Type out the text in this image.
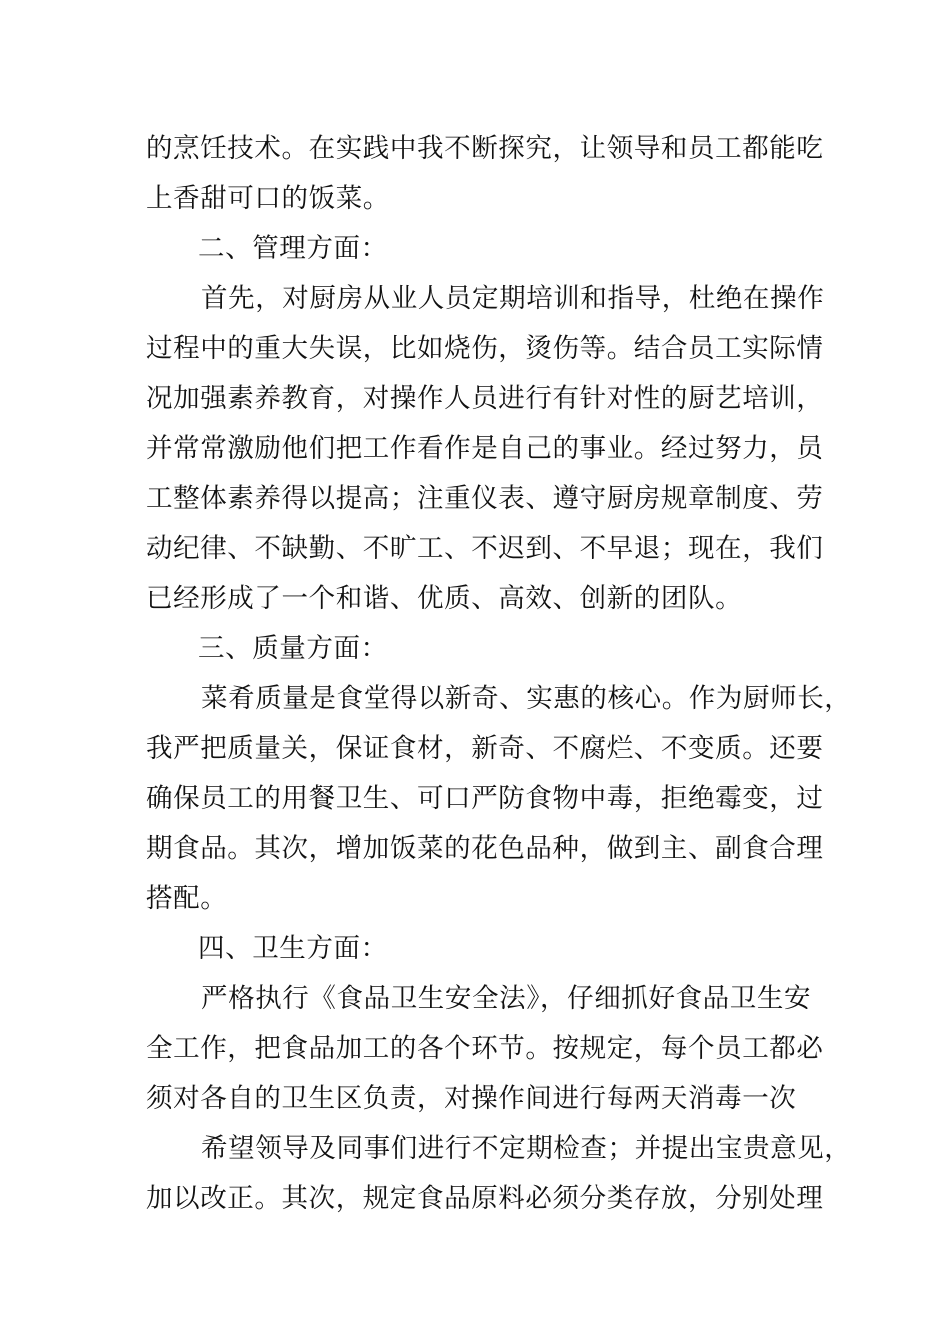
的烹饪技术。在实践中我不断探究，让领导和员工都能吃
上香甜可口的饭菜。
二、管理方面：
首先，对厨房从业人员定期培训和指导，杜绝在操作
过程中的重大失误，比如烧伤，烫伤等。结合员工实际情
况加强素养教育，对操作人员进行有针对性的厨艺培训，
并常常激励他们把工作看作是自己的事业。经过努力，员
工整体素养得以提高；注重仪表、遵守厨房规章制度、劳
动纪律、不缺勤、不旷工、不迟到、不早退；现在，我们
已经形成了一个和谐、优质、高效、创新的团队。
三、质量方面：
菜肴质量是食堂得以新奇、实惠的核心。作为厨师长，
我严把质量关，保证食材，新奇、不腐烂、不变质。还要
确保员工的用餐卫生、可口严防食物中毒，拒绝霉变，过
期食品。其次，增加饭菜的花色品种，做到主、副食合理
搭配。
四、卫生方面：
严格执行《食品卫生安全法》，仔细抓好食品卫生安
全工作，把食品加工的各个环节。按规定，每个员工都必
须对各自的卫生区负责，对操作间进行每两天消毒一次
希望领导及同事们进行不定期检查；并提出宝贵意见，
加以改正。其次，规定食品原料必须分类存放，分别处理
